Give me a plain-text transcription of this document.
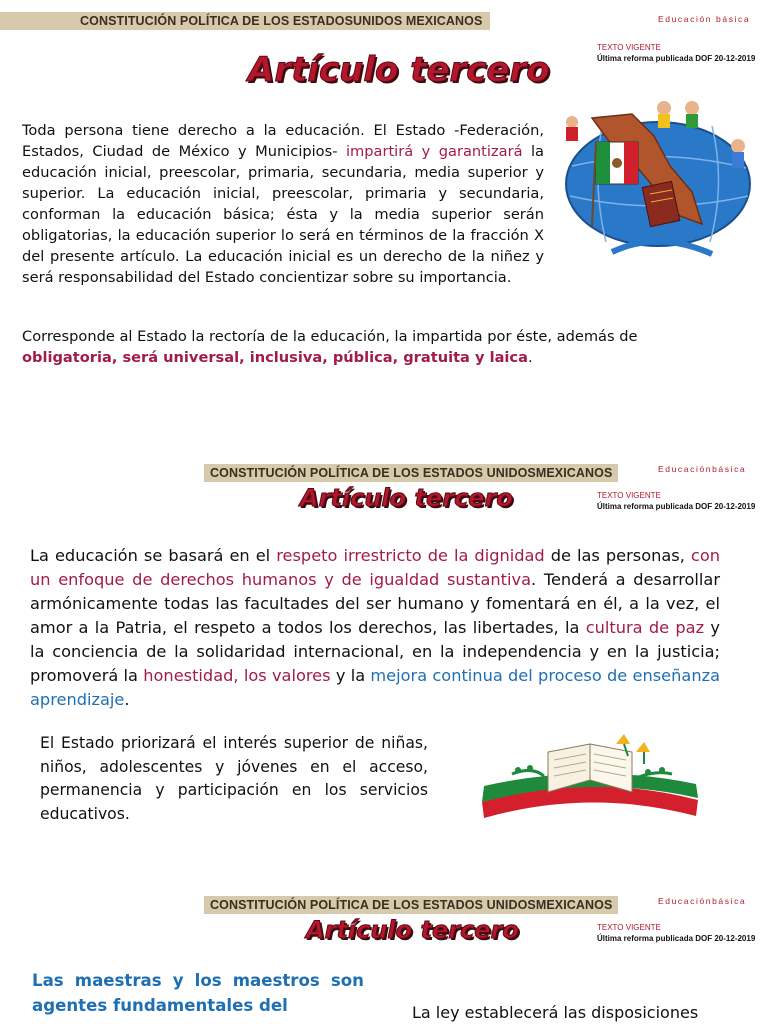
CONSTITUCIÓN POLÍTICA DE LOS ESTADOSUNIDOS MEXICANOS	Educación básica
TEXTO VIGENTE
Última reforma publicada DOF 20-12-2019
Artículo tercero
Toda persona tiene derecho a la educación. El Estado -Federación, Estados, Ciudad de México y Municipios- impartirá y garantizará la educación inicial, preescolar, primaria, secundaria, media superior y superior. La educación inicial, preescolar, primaria y secundaria, conforman la educación básica; ésta y la media superior serán obligatorias, la educación superior lo será en términos de la fracción X del presente artículo. La educación inicial es un derecho de la niñez y será responsabilidad del Estado concientizar sobre su importancia.
Corresponde al Estado la rectoría de la educación, la impartida por éste, además de obligatoria, será universal, inclusiva, pública, gratuita y laica.
CONSTITUCIÓN POLÍTICA DE LOS ESTADOS UNIDOSMEXICANOS	Educaciónbásica
TEXTO VIGENTE
Última reforma publicada DOF 20-12-2019
Artículo tercero
La educación se basará en el respeto irrestricto de la dignidad de las personas, con un enfoque de derechos humanos y de igualdad sustantiva. Tenderá a desarrollar armónicamente todas las facultades del ser humano y fomentará en él, a la vez, el amor a la Patria, el respeto a todos los derechos, las libertades, la cultura de paz y la conciencia de la solidaridad internacional, en la independencia y en la justicia; promoverá la honestidad, los valores y la mejora continua del proceso de enseñanza aprendizaje.
El Estado priorizará el interés superior de niñas, niños, adolescentes y jóvenes en el acceso, permanencia y participación en los servicios educativos.
CONSTITUCIÓN POLÍTICA DE LOS ESTADOS UNIDOSMEXICANOS	Educaciónbásica
TEXTO VIGENTE
Última reforma publicada DOF 20-12-2019
Artículo tercero
Las maestras y los maestros son agentes fundamentales del	La ley establecerá las disposiciones
